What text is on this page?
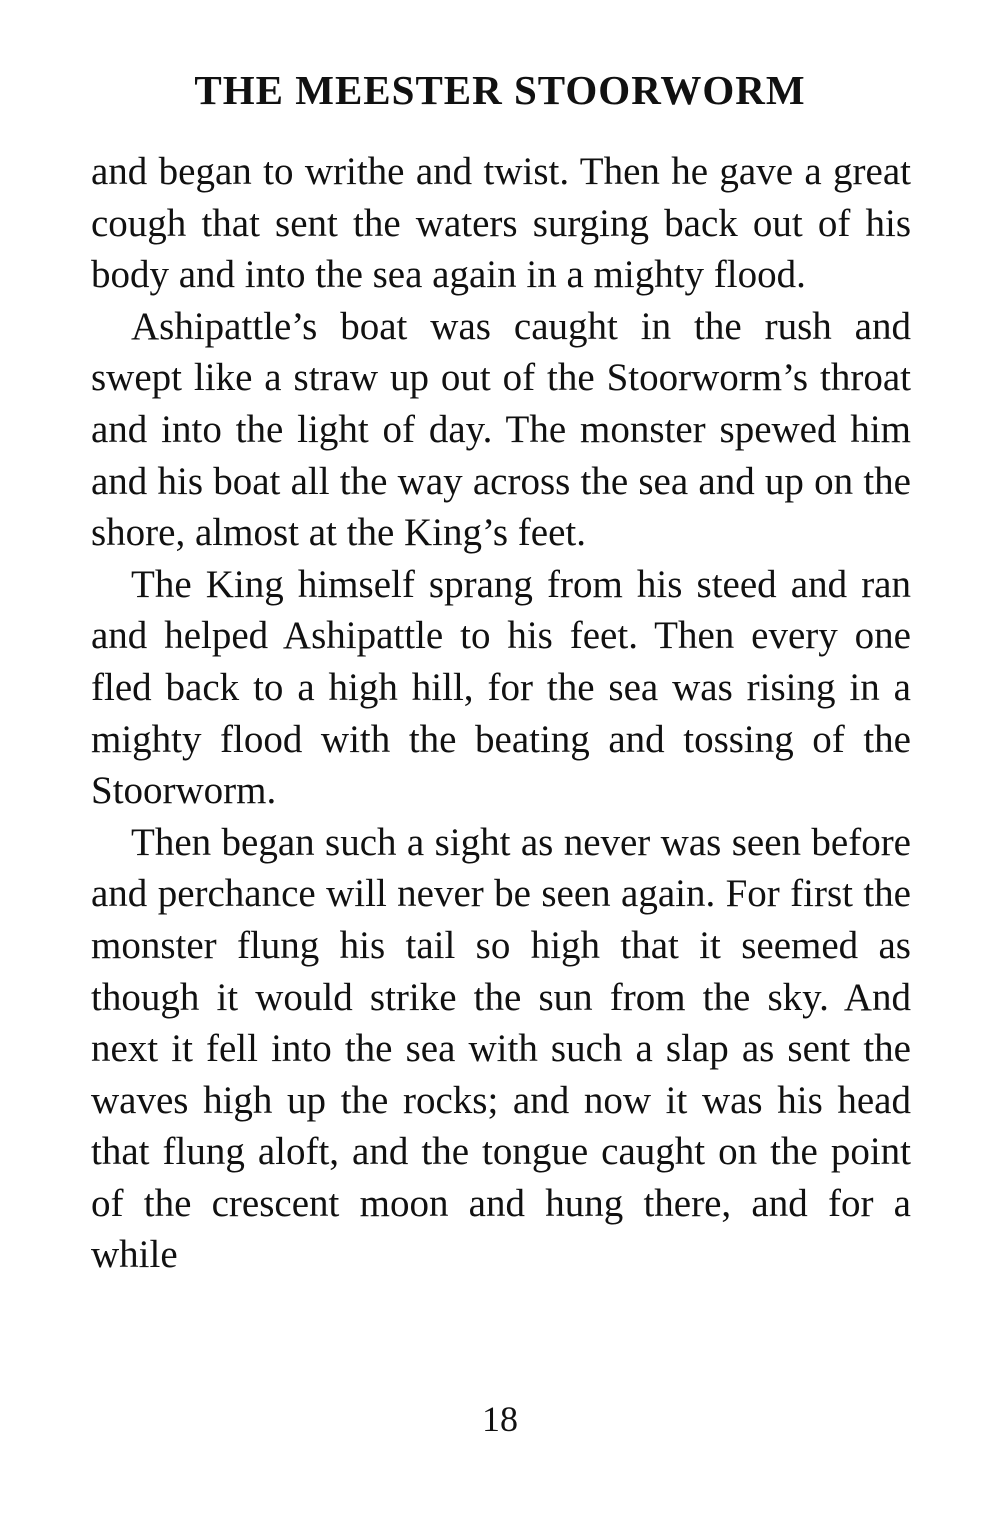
THE MEESTER STOORWORM

and began to writhe and twist. Then he gave a great cough that sent the waters surging back out of his body and into the sea again in a mighty flood.

Ashipattle’s boat was caught in the rush and swept like a straw up out of the Stoorworm’s throat and into the light of day. The monster spewed him and his boat all the way across the sea and up on the shore, almost at the King’s feet.

The King himself sprang from his steed and ran and helped Ashipattle to his feet. Then every one fled back to a high hill, for the sea was rising in a mighty flood with the beating and tossing of the Stoorworm.

Then began such a sight as never was seen before and perchance will never be seen again. For first the monster flung his tail so high that it seemed as though it would strike the sun from the sky. And next it fell into the sea with such a slap as sent the waves high up the rocks; and now it was his head that flung aloft, and the tongue caught on the point of the crescent moon and hung there, and for a while

18
